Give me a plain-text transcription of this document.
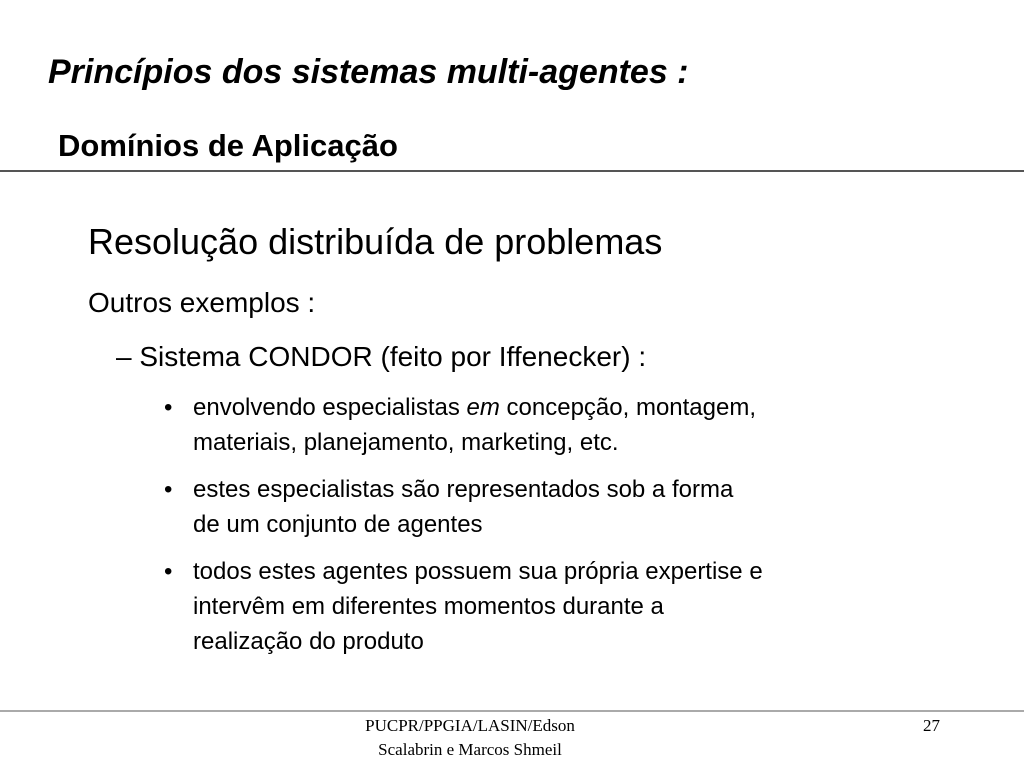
Princípios dos sistemas multi-agentes :
Domínios de Aplicação
Resolução distribuída de problemas
Outros exemplos :
– Sistema CONDOR (feito por Iffenecker) :
• envolvendo especialistas em concepção, montagem,
materiais, planejamento, marketing, etc.
• estes especialistas são representados sob a forma
de um conjunto de agentes
• todos estes agentes possuem sua própria expertise e
intervêm em diferentes momentos durante a
realização do produto
PUCPR/PPGIA/LASIN/Edson
Scalabrin e Marcos Shmeil
27
